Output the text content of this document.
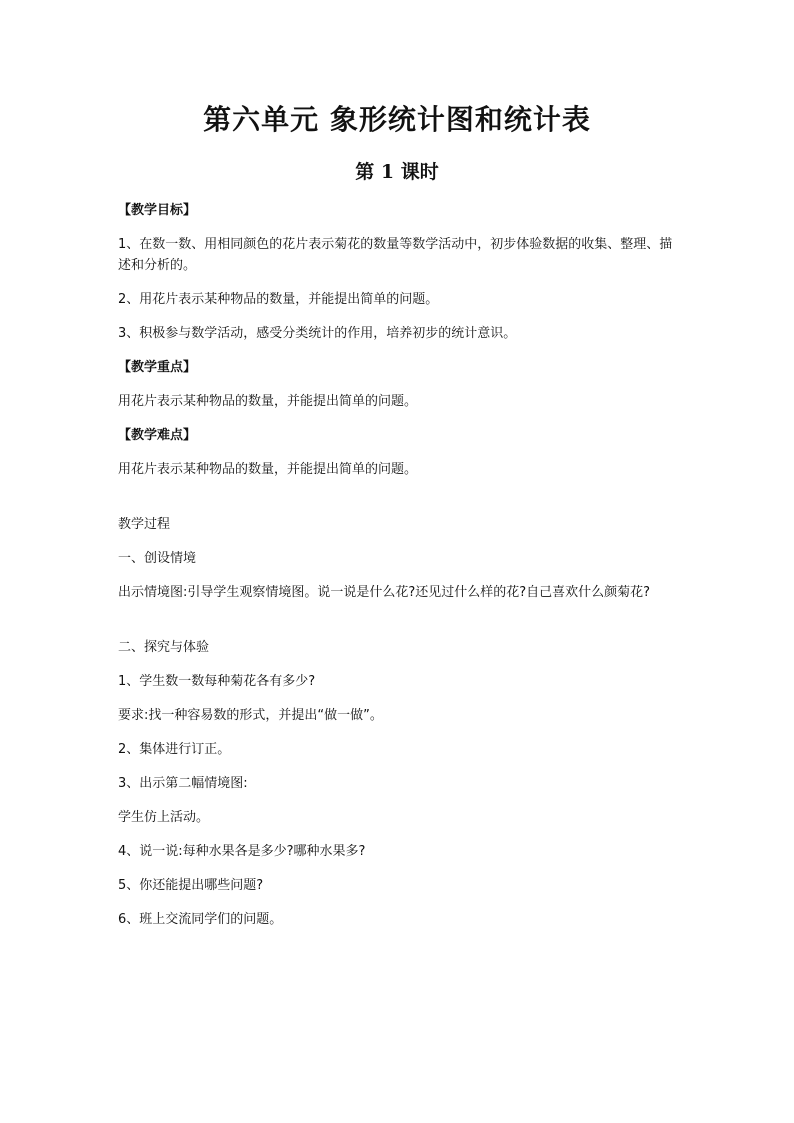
第六单元 象形统计图和统计表
第 1 课时

【教学目标】

1、在数一数、用相同颜色的花片表示菊花的数量等数学活动中，初步体验数据的收集、整理、描述和分析的。

2、用花片表示某种物品的数量，并能提出简单的问题。

3、积极参与数学活动，感受分类统计的作用，培养初步的统计意识。

【教学重点】

用花片表示某种物品的数量，并能提出简单的问题。

【教学难点】

用花片表示某种物品的数量，并能提出简单的问题。

教学过程

一、创设情境

出示情境图:引导学生观察情境图。说一说是什么花?还见过什么样的花?自己喜欢什么颜菊花?

二、探究与体验

1、学生数一数每种菊花各有多少?

要求:找一种容易数的形式，并提出“做一做”。

2、集体进行订正。

3、出示第二幅情境图:

学生仿上活动。

4、说一说:每种水果各是多少?哪种水果多?

5、你还能提出哪些问题?

6、班上交流同学们的问题。
